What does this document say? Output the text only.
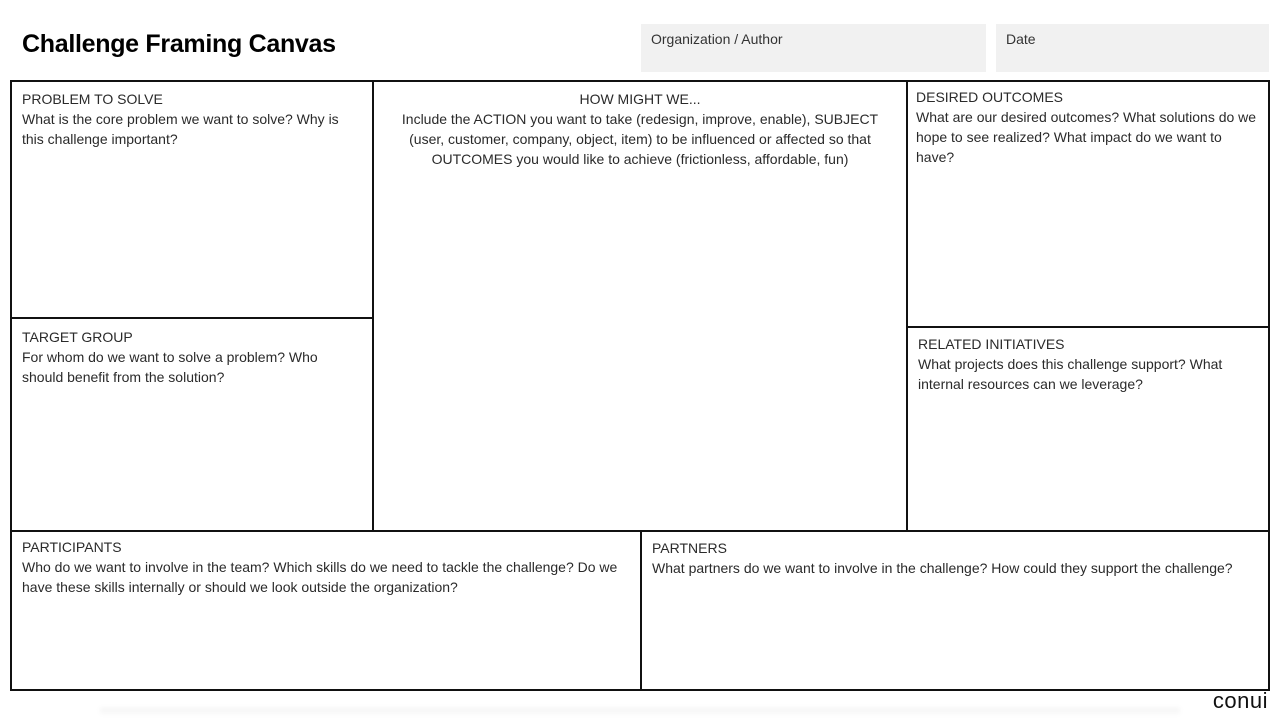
Challenge Framing Canvas	Organization / Author	Date
PROBLEM TO SOLVE
What is the core problem we want to solve? Why is this challenge important?
TARGET GROUP
For whom do we want to solve a problem? Who should benefit from the solution?
HOW MIGHT WE...
Include the ACTION you want to take (redesign, improve, enable), SUBJECT (user, customer, company, object, item) to be influenced or affected so that OUTCOMES you would like to achieve (frictionless, affordable, fun)
DESIRED OUTCOMES
What are our desired outcomes? What solutions do we hope to see realized? What impact do we want to have?
RELATED INITIATIVES
What projects does this challenge support? What internal resources can we leverage?
PARTICIPANTS
Who do we want to involve in the team? Which skills do we need to tackle the challenge? Do we have these skills internally or should we look outside the organization?
PARTNERS
What partners do we want to involve in the challenge? How could they support the challenge?
conui
